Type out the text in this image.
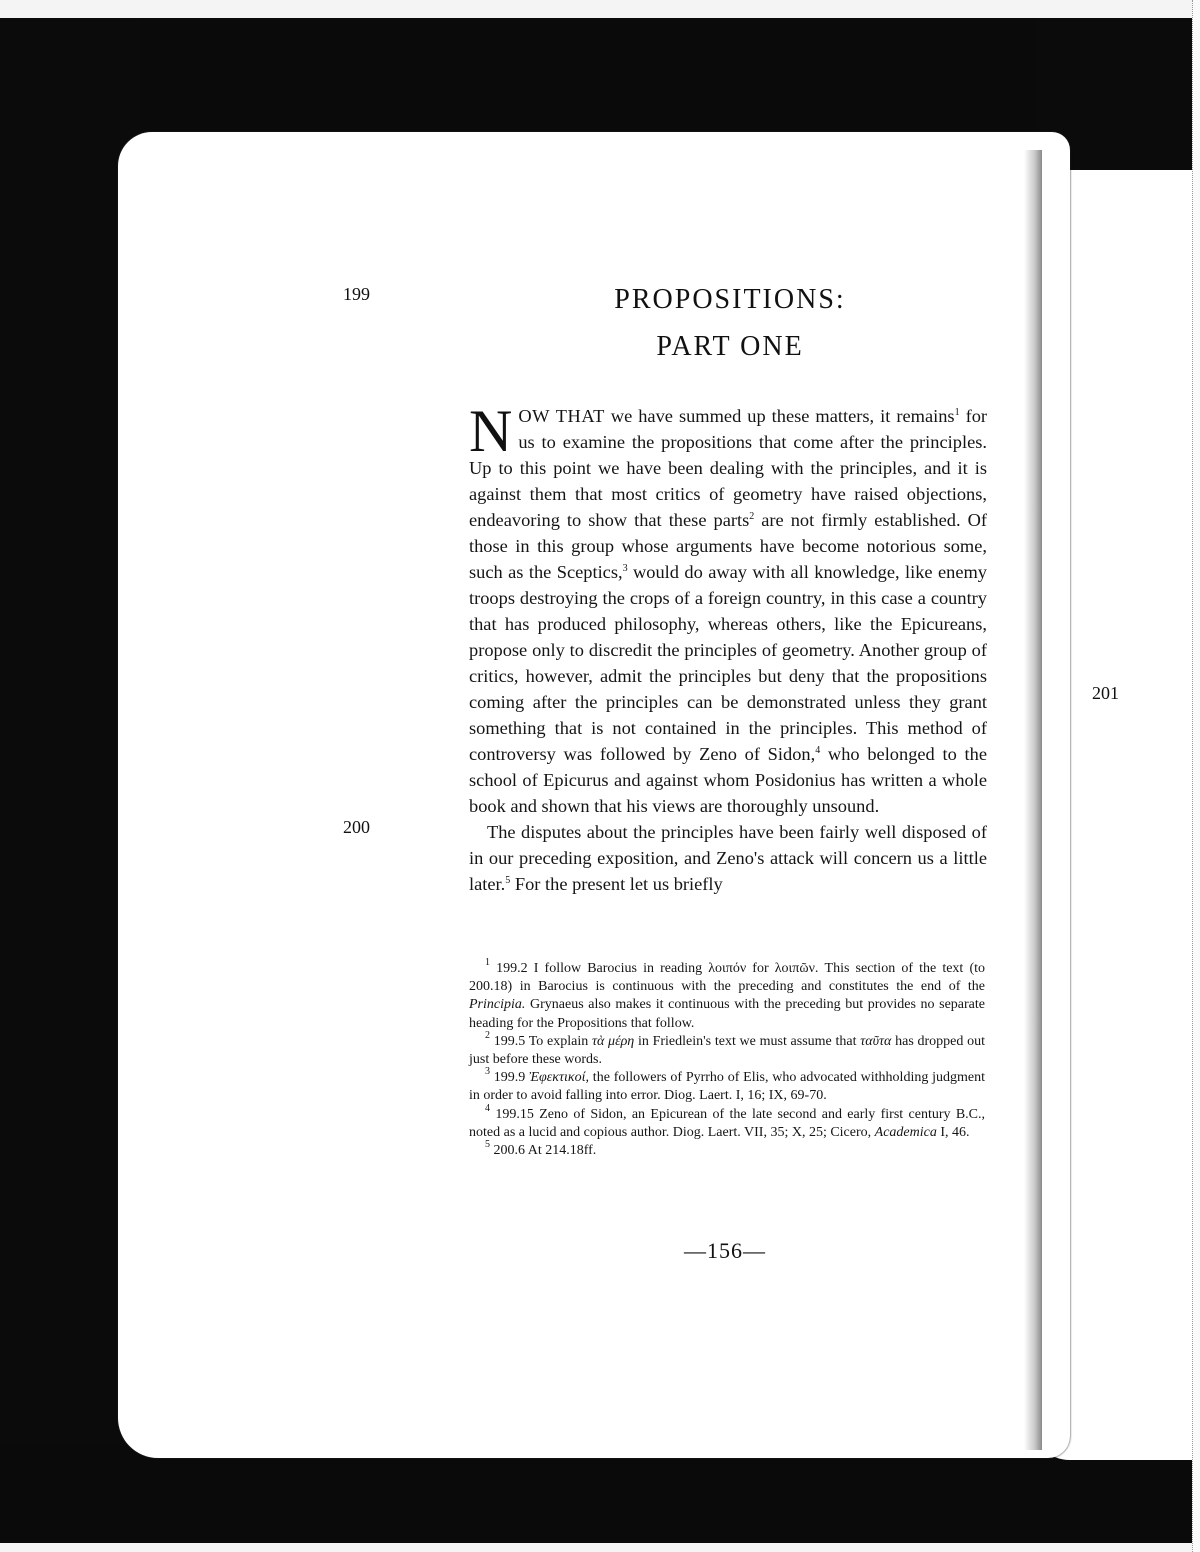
199
200
201
PROPOSITIONS:
PART ONE

NOW THAT we have summed up these matters, it remains$^1$ for us to examine the propositions that come after the principles. Up to this point we have been dealing with the principles, and it is against them that most critics of geometry have raised objections, endeavoring to show that these parts$^2$ are not firmly established. Of those in this group whose arguments have become notorious some, such as the Sceptics,$^3$ would do away with all knowledge, like enemy troops destroying the crops of a foreign country, in this case a country that has produced philosophy, whereas others, like the Epicureans, propose only to discredit the principles of geometry. Another group of critics, however, admit the principles but deny that the propositions coming after the principles can be demonstrated unless they grant something that is not contained in the principles. This method of controversy was followed by Zeno of Sidon,$^4$ who belonged to the school of Epicurus and against whom Posidonius has written a whole book and shown that his views are thoroughly unsound.

The disputes about the principles have been fairly well disposed of in our preceding exposition, and Zeno's attack will concern us a little later.$^5$ For the present let us briefly

$^1$ 199.2 I follow Barocius in reading λοιπόν for λοιπῶν. This section of the text (to 200.18) in Barocius is continuous with the preceding and constitutes the end of the Principia. Grynaeus also makes it continuous with the preceding but provides no separate heading for the Propositions that follow.

$^2$ 199.5 To explain τὰ μέρη in Friedlein's text we must assume that ταῦτα has dropped out just before these words.

$^3$ 199.9 Ἐφεκτικοί, the followers of Pyrrho of Elis, who advocated withholding judgment in order to avoid falling into error. Diog. Laert. I, 16; IX, 69-70.

$^4$ 199.15 Zeno of Sidon, an Epicurean of the late second and early first century B.C., noted as a lucid and copious author. Diog. Laert. VII, 35; X, 25; Cicero, Academica I, 46.

$^5$ 200.6 At 214.18ff.

—156—
